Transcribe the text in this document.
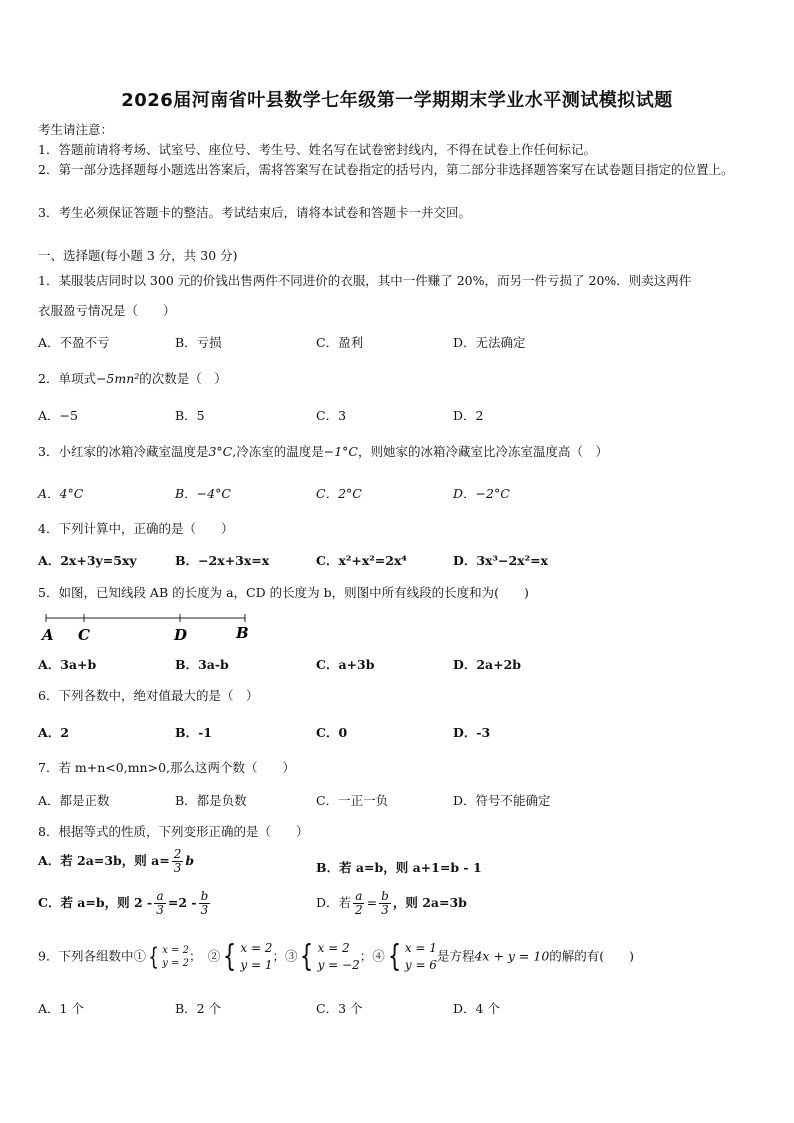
2026届河南省叶县数学七年级第一学期期末学业水平测试模拟试题
考生请注意：
1．答题前请将考场、试室号、座位号、考生号、姓名写在试卷密封线内，不得在试卷上作任何标记。
2．第一部分选择题每小题选出答案后，需将答案写在试卷指定的括号内，第二部分非选择题答案写在试卷题目指定的位置上。
3．考生必须保证答题卡的整洁。考试结束后，请将本试卷和答题卡一并交回。
一、选择题(每小题 3 分，共 30 分)
1．某服装店同时以 300 元的价钱出售两件不同进价的衣服，其中一件赚了 20%，而另一件亏损了 20%．则卖这两件
衣服盈亏情况是（　　）
A．不盈不亏	B．亏损	C．盈利	D．无法确定
2．单项式−5mn²的次数是（　）
A．−5	B．5	C．3	D．2
3．小红家的冰箱冷藏室温度是3°C,冷冻室的温度是−1°C，则她家的冰箱冷藏室比冷冻室温度高（　）
A．4°C	B．−4°C	C．2°C	D．−2°C
4．下列计算中，正确的是（　　）
A．2x+3y=5xy	B．−2x+3x=x	C．x²+x²=2x⁴	D．3x³−2x²=x
5．如图，已知线段 AB 的长度为 a，CD 的长度为 b，则图中所有线段的长度和为(　　)
A C	D	B
A．3a+b	B．3a-b	C．a+3b	D．2a+2b
6．下列各数中，绝对值最大的是（　）
A．2	B．-1	C．0	D．-3
7．若 m+n<0,mn>0,那么这两个数（　　）
A．都是正数	B．都是负数	C．一正一负	D．符号不能确定
8．根据等式的性质，下列变形正确的是（　　）
A．若 2a=3b，则 $a= \frac{2}{3}$ b	B．若 a=b，则 a+1=b - 1
C．若 a=b，则 $2 - \frac{a}{3} =2 - \frac{b}{3}$	D．若 $\frac{a}{2} = \frac{b}{3}$ ，则 2a=3b
9．下列各组数中① { x = 2
y = 2 ；　② { x = 2
y = 1
；③ { x = 2
y = −2
；④ { x = 1
y = 6
是方程4x + y = 10的解的有(　　)
A．1 个	B．2 个	C．3 个	D．4 个
